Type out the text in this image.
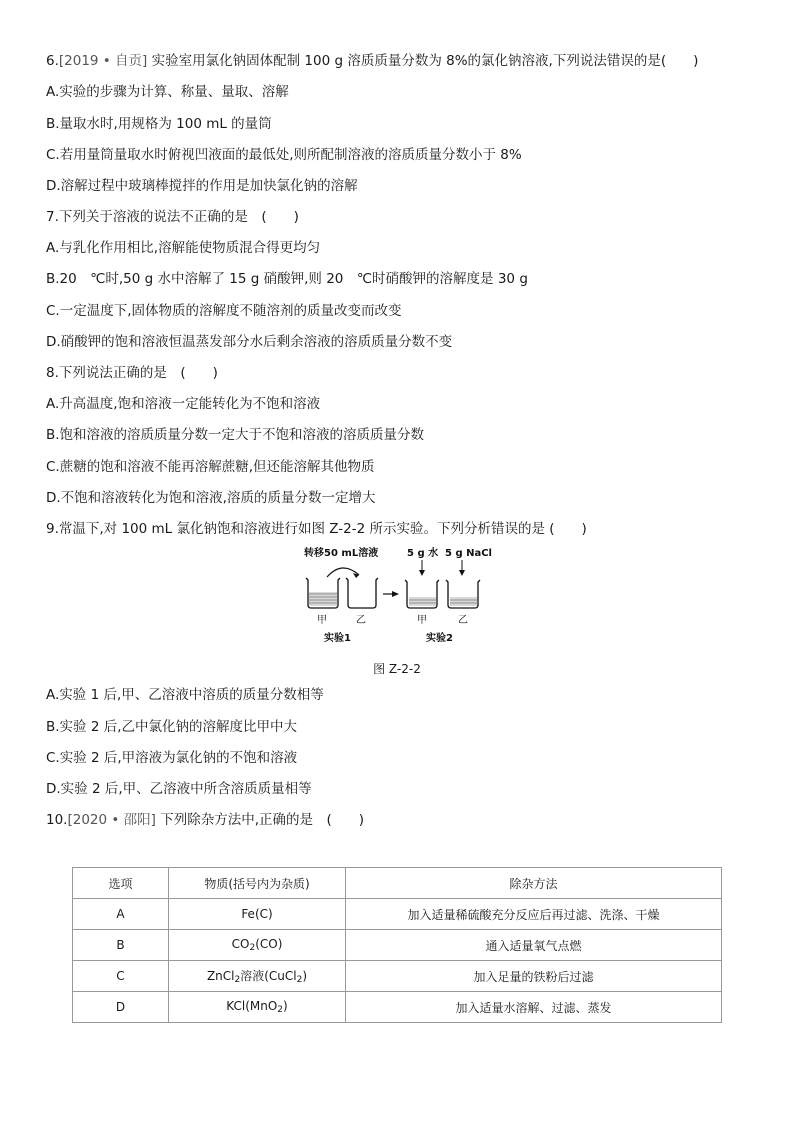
6.[2019 • 自贡] 实验室用氯化钠固体配制 100 g 溶质质量分数为 8%的氯化钠溶液,下列说法错误的是(　　)
A.实验的步骤为计算、称量、量取、溶解
B.量取水时,用规格为 100 mL 的量筒
C.若用量筒量取水时俯视凹液面的最低处,则所配制溶液的溶质质量分数小于 8%
D.溶解过程中玻璃棒搅拌的作用是加快氯化钠的溶解
7.下列关于溶液的说法不正确的是　(　　)
A.与乳化作用相比,溶解能使物质混合得更均匀
B.20　℃时,50 g 水中溶解了 15 g 硝酸钾,则 20　℃时硝酸钾的溶解度是 30 g
C.一定温度下,固体物质的溶解度不随溶剂的质量改变而改变
D.硝酸钾的饱和溶液恒温蒸发部分水后剩余溶液的溶质质量分数不变
8.下列说法正确的是　(　　)
A.升高温度,饱和溶液一定能转化为不饱和溶液
B.饱和溶液的溶质质量分数一定大于不饱和溶液的溶质质量分数
C.蔗糖的饱和溶液不能再溶解蔗糖,但还能溶解其他物质
D.不饱和溶液转化为饱和溶液,溶质的质量分数一定增大
9.常温下,对 100 mL 氯化钠饱和溶液进行如图 Z-2-2 所示实验。下列分析错误的是 (　　)
转移50 mL溶液	5 g 水 5 g NaCl
甲	乙	甲	乙
实验1	实验2
图 Z-2-2
A.实验 1 后,甲、乙溶液中溶质的质量分数相等
B.实验 2 后,乙中氯化钠的溶解度比甲中大
C.实验 2 后,甲溶液为氯化钠的不饱和溶液
D.实验 2 后,甲、乙溶液中所含溶质质量相等
10.[2020 • 邵阳] 下列除杂方法中,正确的是　(　　)
选项	物质(括号内为杂质)	除杂方法
A	Fe(C)	加入适量稀硫酸充分反应后再过滤、洗涤、干燥
B	$CO_2(CO)$	通入适量氧气点燃
C	ZnCl$_2$溶液(CuCl$_2$)	加入足量的铁粉后过滤
D	KCl(MnO$_2$)	加入适量水溶解、过滤、蒸发
